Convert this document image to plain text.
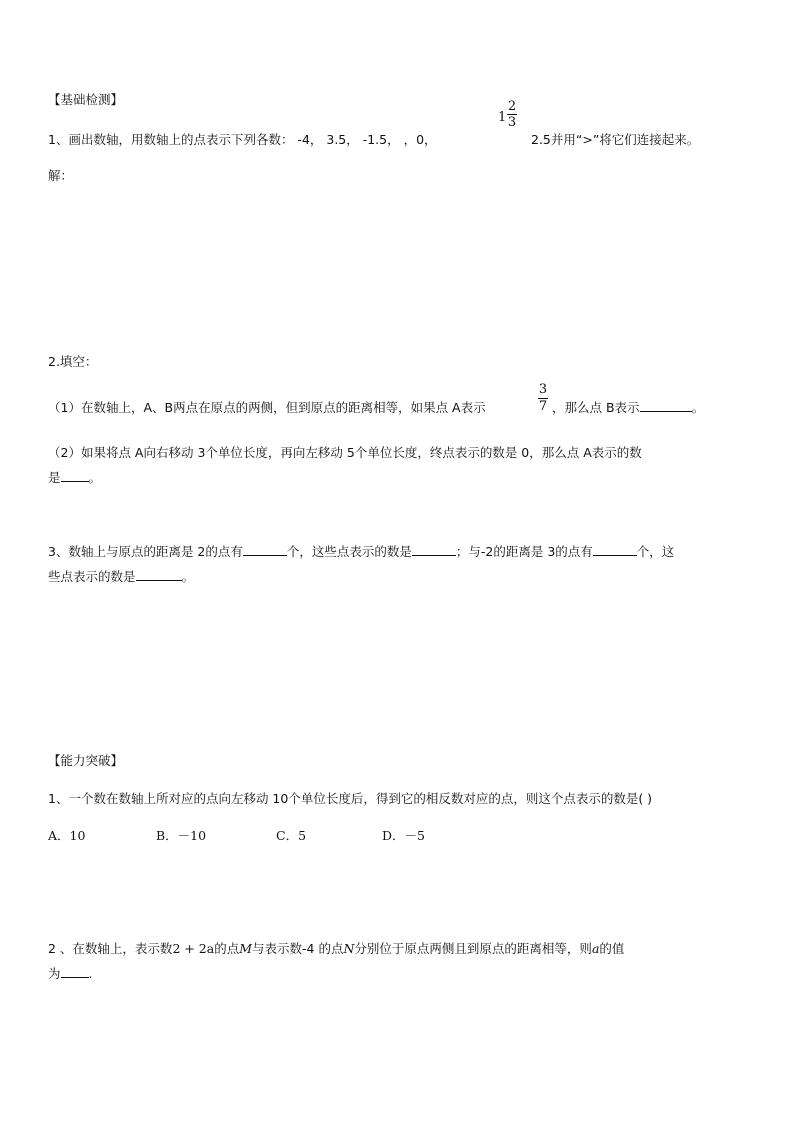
【基础检测】
1、画出数轴，用数轴上的点表示下列各数： -4， 3.5， -1.5， ，0，
1
2
3
2.5并用“>”将它们连接起来。
解：
2.填空：
（1）在数轴上，A、B两点在原点的两侧，但到原点的距离相等，如果点 A表示
3
7 ，那么点 B表示	。
（2）如果将点 A向右移动 3个单位长度，再向左移动 5个单位长度，终点表示的数是 0，那么点 A表示的数
是 。
3、数轴上与原点的距离是 2的点有	个，这些点表示的数是	；与-2的距离是 3的点有	个，这
些点表示的数是	。
【能力突破】
1、一个数在数轴上所对应的点向左移动 10个单位长度后，得到它的相反数对应的点，则这个点表示的数是( )
A．10	B．－10	C．5	D．－5
2 、在数轴上，表示数2 + 2a的点M与表示数-4 的点N分别位于原点两侧且到原点的距离相等，则a的值
为 .
